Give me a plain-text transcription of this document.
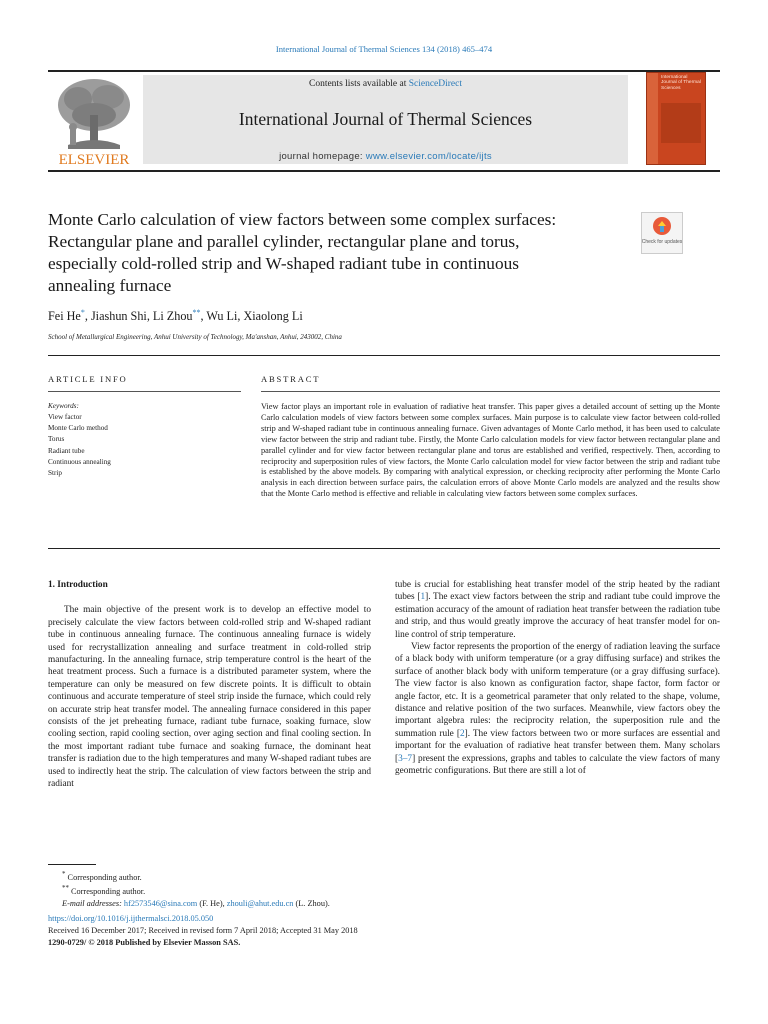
International Journal of Thermal Sciences 134 (2018) 465–474
ELSEVIER
Contents lists available at ScienceDirect
International Journal of Thermal Sciences
journal homepage: www.elsevier.com/locate/ijts
International Journal of Thermal Sciences
Monte Carlo calculation of view factors between some complex surfaces:
Rectangular plane and parallel cylinder, rectangular plane and torus,
especially cold-rolled strip and W-shaped radiant tube in continuous
annealing furnace
Check for updates
Fei He*, Jiashun Shi, Li Zhou**, Wu Li, Xiaolong Li
School of Metallurgical Engineering, Anhui University of Technology, Ma'anshan, Anhui, 243002, China
ARTICLE INFO	ABSTRACT
Keywords:
View factor
Monte Carlo method
Torus
Radiant tube
Continuous annealing
Strip
View factor plays an important role in evaluation of radiative heat transfer. This paper gives a detailed account of setting up the Monte Carlo calculation models of view factors between some complex surfaces. Main purpose is to calculate view factor between cold-rolled strip and W-shaped radiant tube in continuous annealing furnace. Given advantages of Monte Carlo method, it has been used to calculate view factor between the strip and radiant tube. Firstly, the Monte Carlo calculation models for view factor between rectangular plane and parallel cylinder and for view factor between rectangular plane and torus are established and verified, respectively. Then, according to reciprocity and superposition rules of view factors, the Monte Carlo calculation model for view factor between the strip and radiant tube is established by the above models. By comparing with analytical expression, or checking reciprocity after performing the Monte Carlo analysis in each direction between surface pairs, the calculation errors of above Monte Carlo models are analyzed and the results show that the Monte Carlo method is effective and reliable in calculating view factors between some complex surfaces.

1. Introduction

The main objective of the present work is to develop an effective model to precisely calculate the view factors between cold-rolled strip and W-shaped radiant tube in continuous annealing furnace. The continuous annealing furnace is widely used for recrystallization annealing and surface treatment in cold-rolled strip manufacturing. In the annealing furnace, strip temperature control is the heart of the heat treatment process. Such a furnace is a distributed parameter system, where the temperature can only be measured on few discrete points. It is difficult to obtain continuous and accurate temperature of steel strip inside the furnace, which could rely on accurate strip heat transfer model. The annealing furnace considered in this paper consists of the jet preheating furnace, radiant tube furnace, soaking furnace, slow cooling section, rapid cooling section, over aging section and final cooling section. In the most important radiant tube furnace and soaking furnace, the dominant heat transfer is radiation due to the high temperatures and many W-shaped radiant tubes are used to indirectly heat the strip. The calculation of view factors between the strip and radiant

tube is crucial for establishing heat transfer model of the strip heated by the radiant tubes [1]. The exact view factors between the strip and radiant tube could improve the estimation accuracy of the amount of radiation heat transfer between the radiation tube and strip, and thus would greatly improve the accuracy of heat transfer model for on-line control of strip temperature.

View factor represents the proportion of the energy of radiation leaving the surface of a black body with uniform temperature (or a gray diffusing surface) and strikes the surface of another black body with uniform temperature (or a gray diffusing surface). The view factor is also known as configuration factor, shape factor, form factor or angle factor, etc. It is a geometrical parameter that only related to the shape, volume, distance and relative position of the two surfaces. Meanwhile, view factors obey the important algebra rules: the reciprocity relation, the superposition rule and the summation rule [2]. The view factors between two or more surfaces are essential and important for the evaluation of radiative heat transfer between them. Many scholars [3–7] present the expressions, graphs and tables to calculate the view factors of many geometric configurations. But there are still a lot of

* Corresponding author.

** Corresponding author.

E-mail addresses: hf2573546@sina.com (F. He), zhouli@ahut.edu.cn (L. Zhou).

https://doi.org/10.1016/j.ijthermalsci.2018.05.050
Received 16 December 2017; Received in revised form 7 April 2018; Accepted 31 May 2018
1290-0729/ © 2018 Published by Elsevier Masson SAS.
